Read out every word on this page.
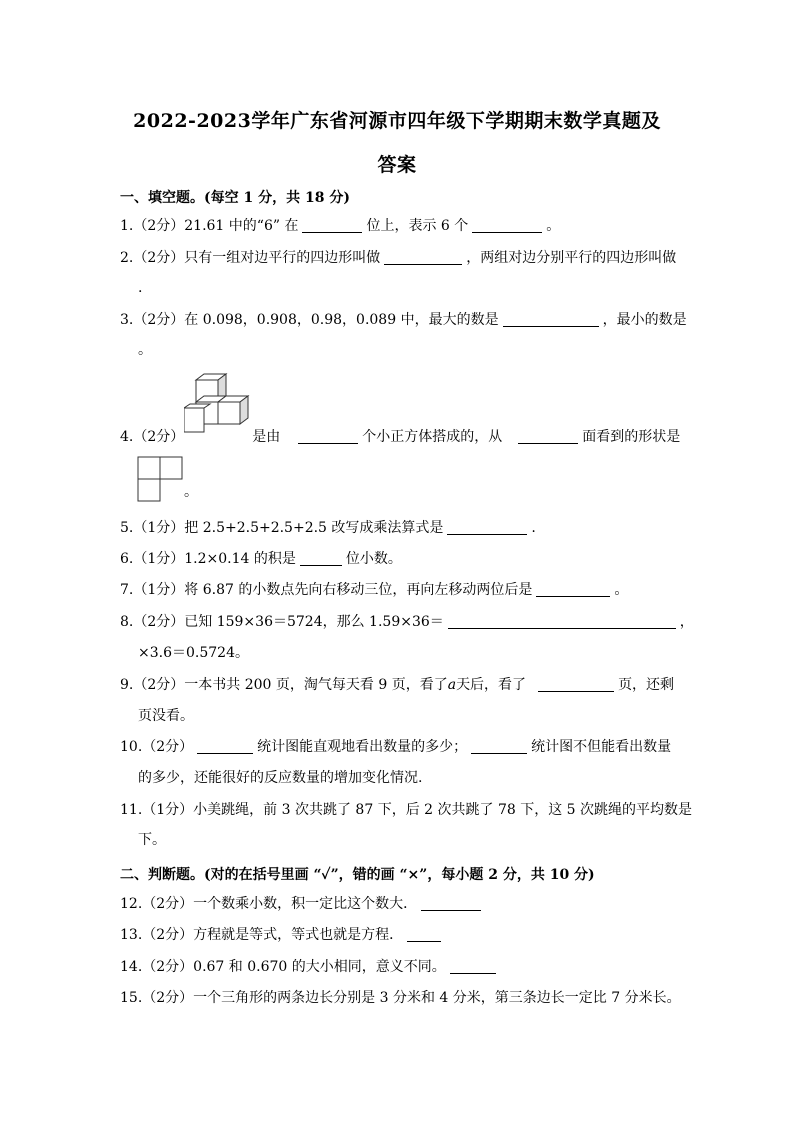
2022-2023学年广东省河源市四年级下学期期末数学真题及
答案
一、填空题。(每空 1 分，共 18 分)
1.（2分）21.61 中的“6” 在	位上，表示 6 个	。
2.（2分）只有一组对边平行的四边形叫做	，两组对边分别平行的四边形叫做
.
3.（2分）在 0.098，0.908，0.98，0.089 中，最大的数是	，最小的数是
。
4.（2分）	是由	个小正方体搭成的，从	面看到的形状是
。
5.（1分）把 2.5+2.5+2.5+2.5 改写成乘法算式是	.
6.（1分）1.2×0.14 的积是	位小数。
7.（1分）将 6.87 的小数点先向右移动三位，再向左移动两位后是	。
8.（2分）已知 159×36＝5724，那么 1.59×36＝	，
×3.6＝0.5724。
9.（2分）一本书共 200 页，淘气每天看 9 页，看了a天后，看了	页，还剩
页没看。
10.（2分）	统计图能直观地看出数量的多少；	统计图不但能看出数量
的多少，还能很好的反应数量的增加变化情况.
11.（1分）小美跳绳，前 3 次共跳了 87 下，后 2 次共跳了 78 下，这 5 次跳绳的平均数是
下。
二、判断题。(对的在括号里画 “✓”，错的画 “×”，每小题 2 分，共 10 分)
12.（2分）一个数乘小数，积一定比这个数大．
13.（2分）方程就是等式，等式也就是方程．
14.（2分）0.67 和 0.670 的大小相同，意义不同。
15.（2分）一个三角形的两条边长分别是 3 分米和 4 分米，第三条边长一定比 7 分米长。
